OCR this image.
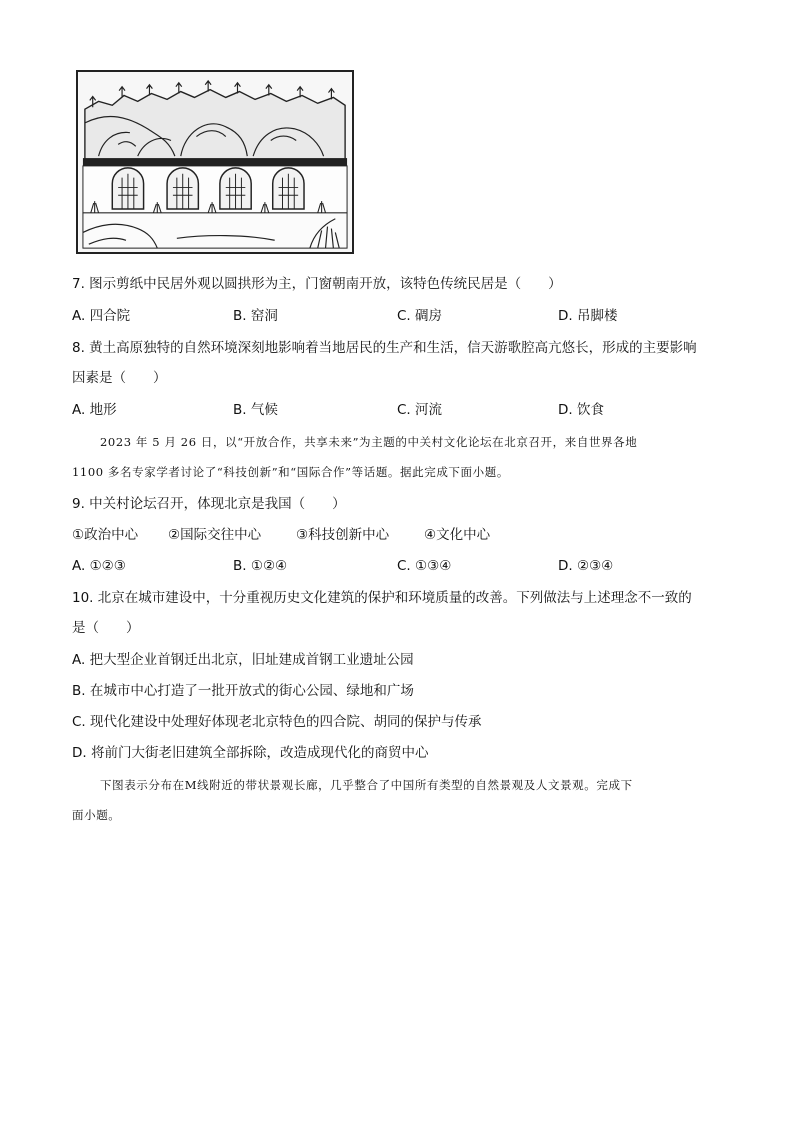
7. 图示剪纸中民居外观以圆拱形为主，门窗朝南开放，该特色传统民居是（　　）
A. 四合院	B. 窑洞	C. 碉房	D. 吊脚楼
8. 黄土高原独特的自然环境深刻地影响着当地居民的生产和生活，信天游歌腔高亢悠长，形成的主要影响
因素是（　　）
A. 地形	B. 气候	C. 河流	D. 饮食
2023 年 5 月 26 日，以“开放合作，共享未来”为主题的中关村文化论坛在北京召开，来自世界各地
1100 多名专家学者讨论了“科技创新”和“国际合作”等话题。据此完成下面小题。
9. 中关村论坛召开，体现北京是我国（　　）
①政治中心 ②国际交往中心	③科技创新中心	④文化中心
A. ①②③	B. ①②④	C. ①③④	D. ②③④
10. 北京在城市建设中，十分重视历史文化建筑的保护和环境质量的改善。下列做法与上述理念不一致的
是（　　）
A. 把大型企业首钢迁出北京，旧址建成首钢工业遗址公园
B. 在城市中心打造了一批开放式的街心公园、绿地和广场
C. 现代化建设中处理好体现老北京特色的四合院、胡同的保护与传承
D. 将前门大街老旧建筑全部拆除，改造成现代化的商贸中心
下图表示分布在M线附近的带状景观长廊，几乎整合了中国所有类型的自然景观及人文景观。完成下
面小题。
